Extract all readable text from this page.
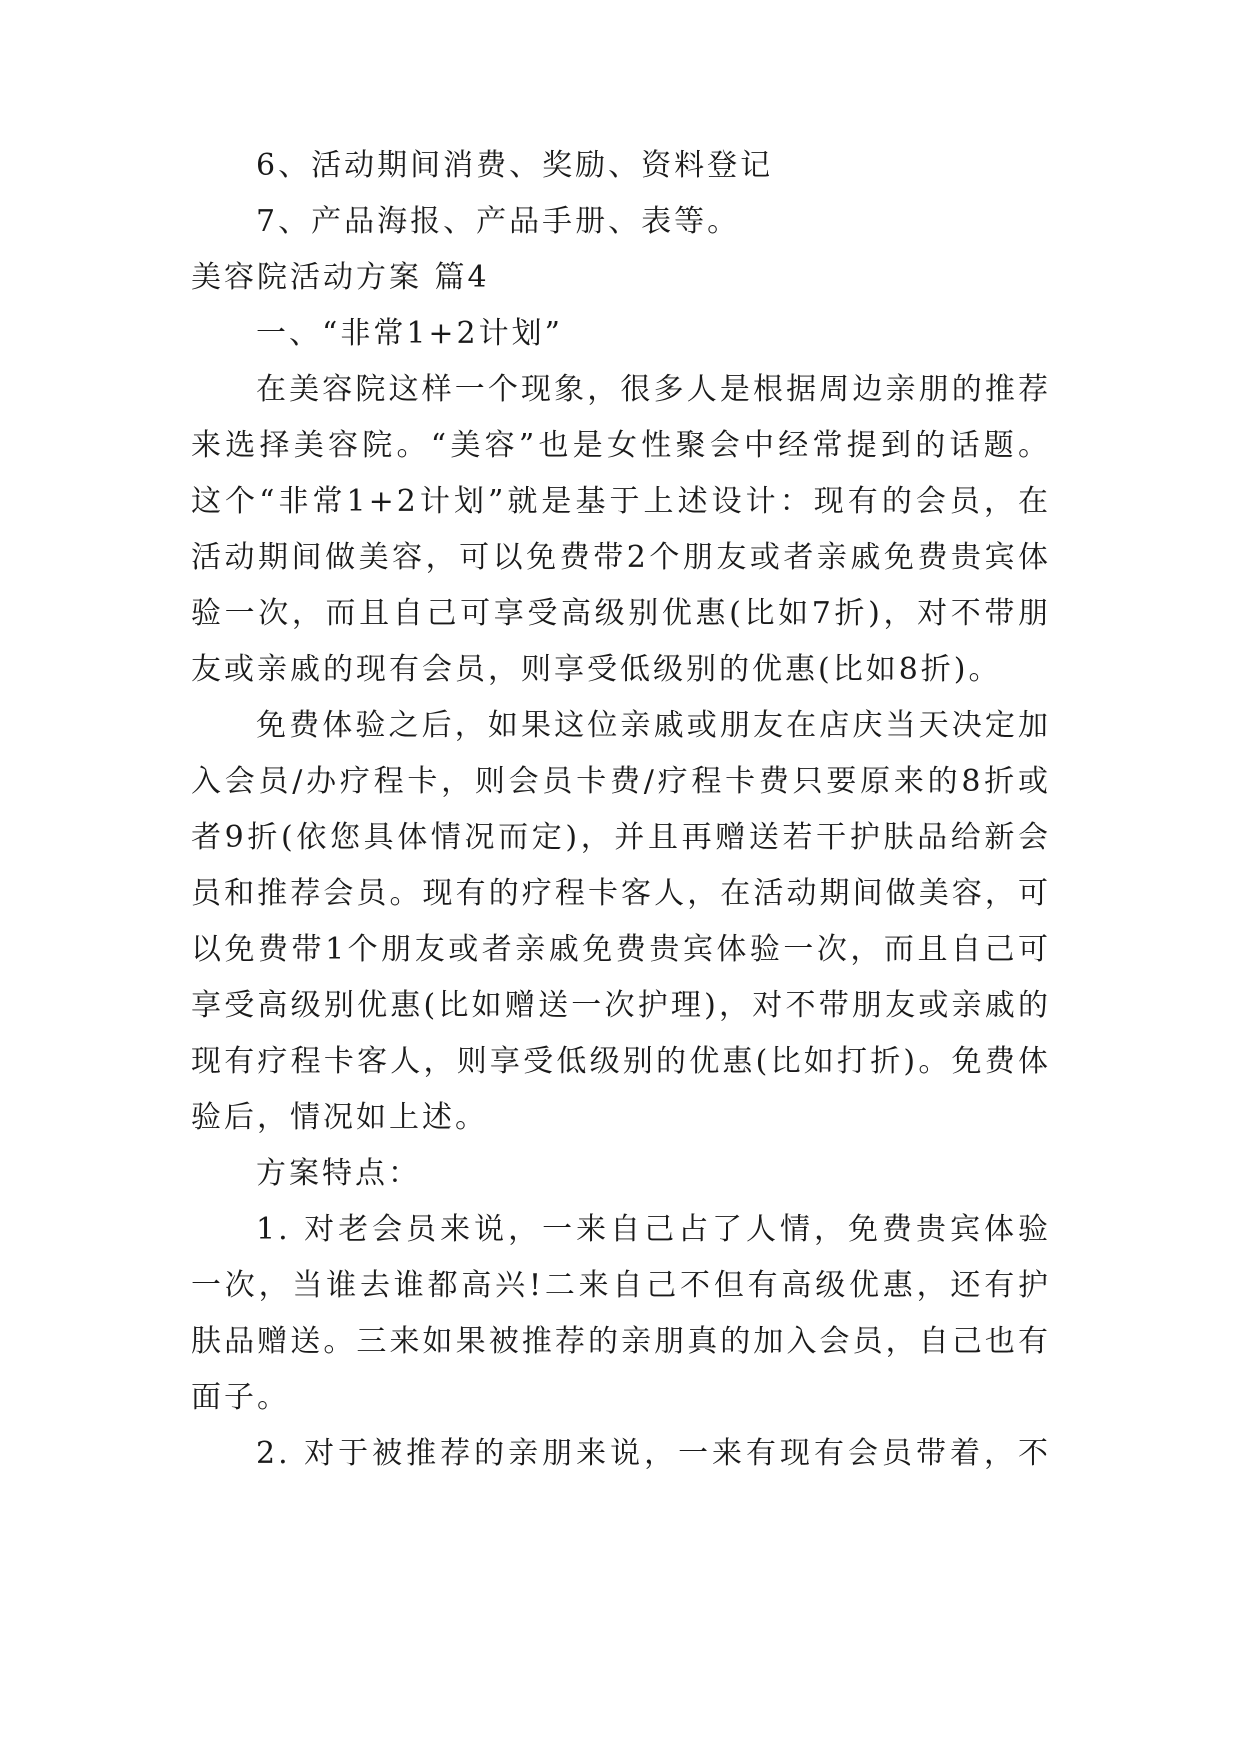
6、活动期间消费、奖励、资料登记
7、产品海报、产品手册、表等。
美容院活动方案 篇4
一、“非常1+2计划”
在美容院这样一个现象，很多人是根据周边亲朋的推荐
来选择美容院。“美容”也是女性聚会中经常提到的话题。
这个“非常1+2计划”就是基于上述设计：现有的会员，在
活动期间做美容，可以免费带2个朋友或者亲戚免费贵宾体
验一次，而且自己可享受高级别优惠(比如7折)，对不带朋
友或亲戚的现有会员，则享受低级别的优惠(比如8折)。
免费体验之后，如果这位亲戚或朋友在店庆当天决定加
入会员/办疗程卡，则会员卡费/疗程卡费只要原来的8折或
者9折(依您具体情况而定)，并且再赠送若干护肤品给新会
员和推荐会员。现有的疗程卡客人，在活动期间做美容，可
以免费带1个朋友或者亲戚免费贵宾体验一次，而且自己可
享受高级别优惠(比如赠送一次护理)，对不带朋友或亲戚的
现有疗程卡客人，则享受低级别的优惠(比如打折)。免费体
验后，情况如上述。
方案特点：
1. 对老会员来说，一来自己占了人情，免费贵宾体验
一次，当谁去谁都高兴!二来自己不但有高级优惠，还有护
肤品赠送。三来如果被推荐的亲朋真的加入会员，自己也有
面子。
2. 对于被推荐的亲朋来说，一来有现有会员带着，不
